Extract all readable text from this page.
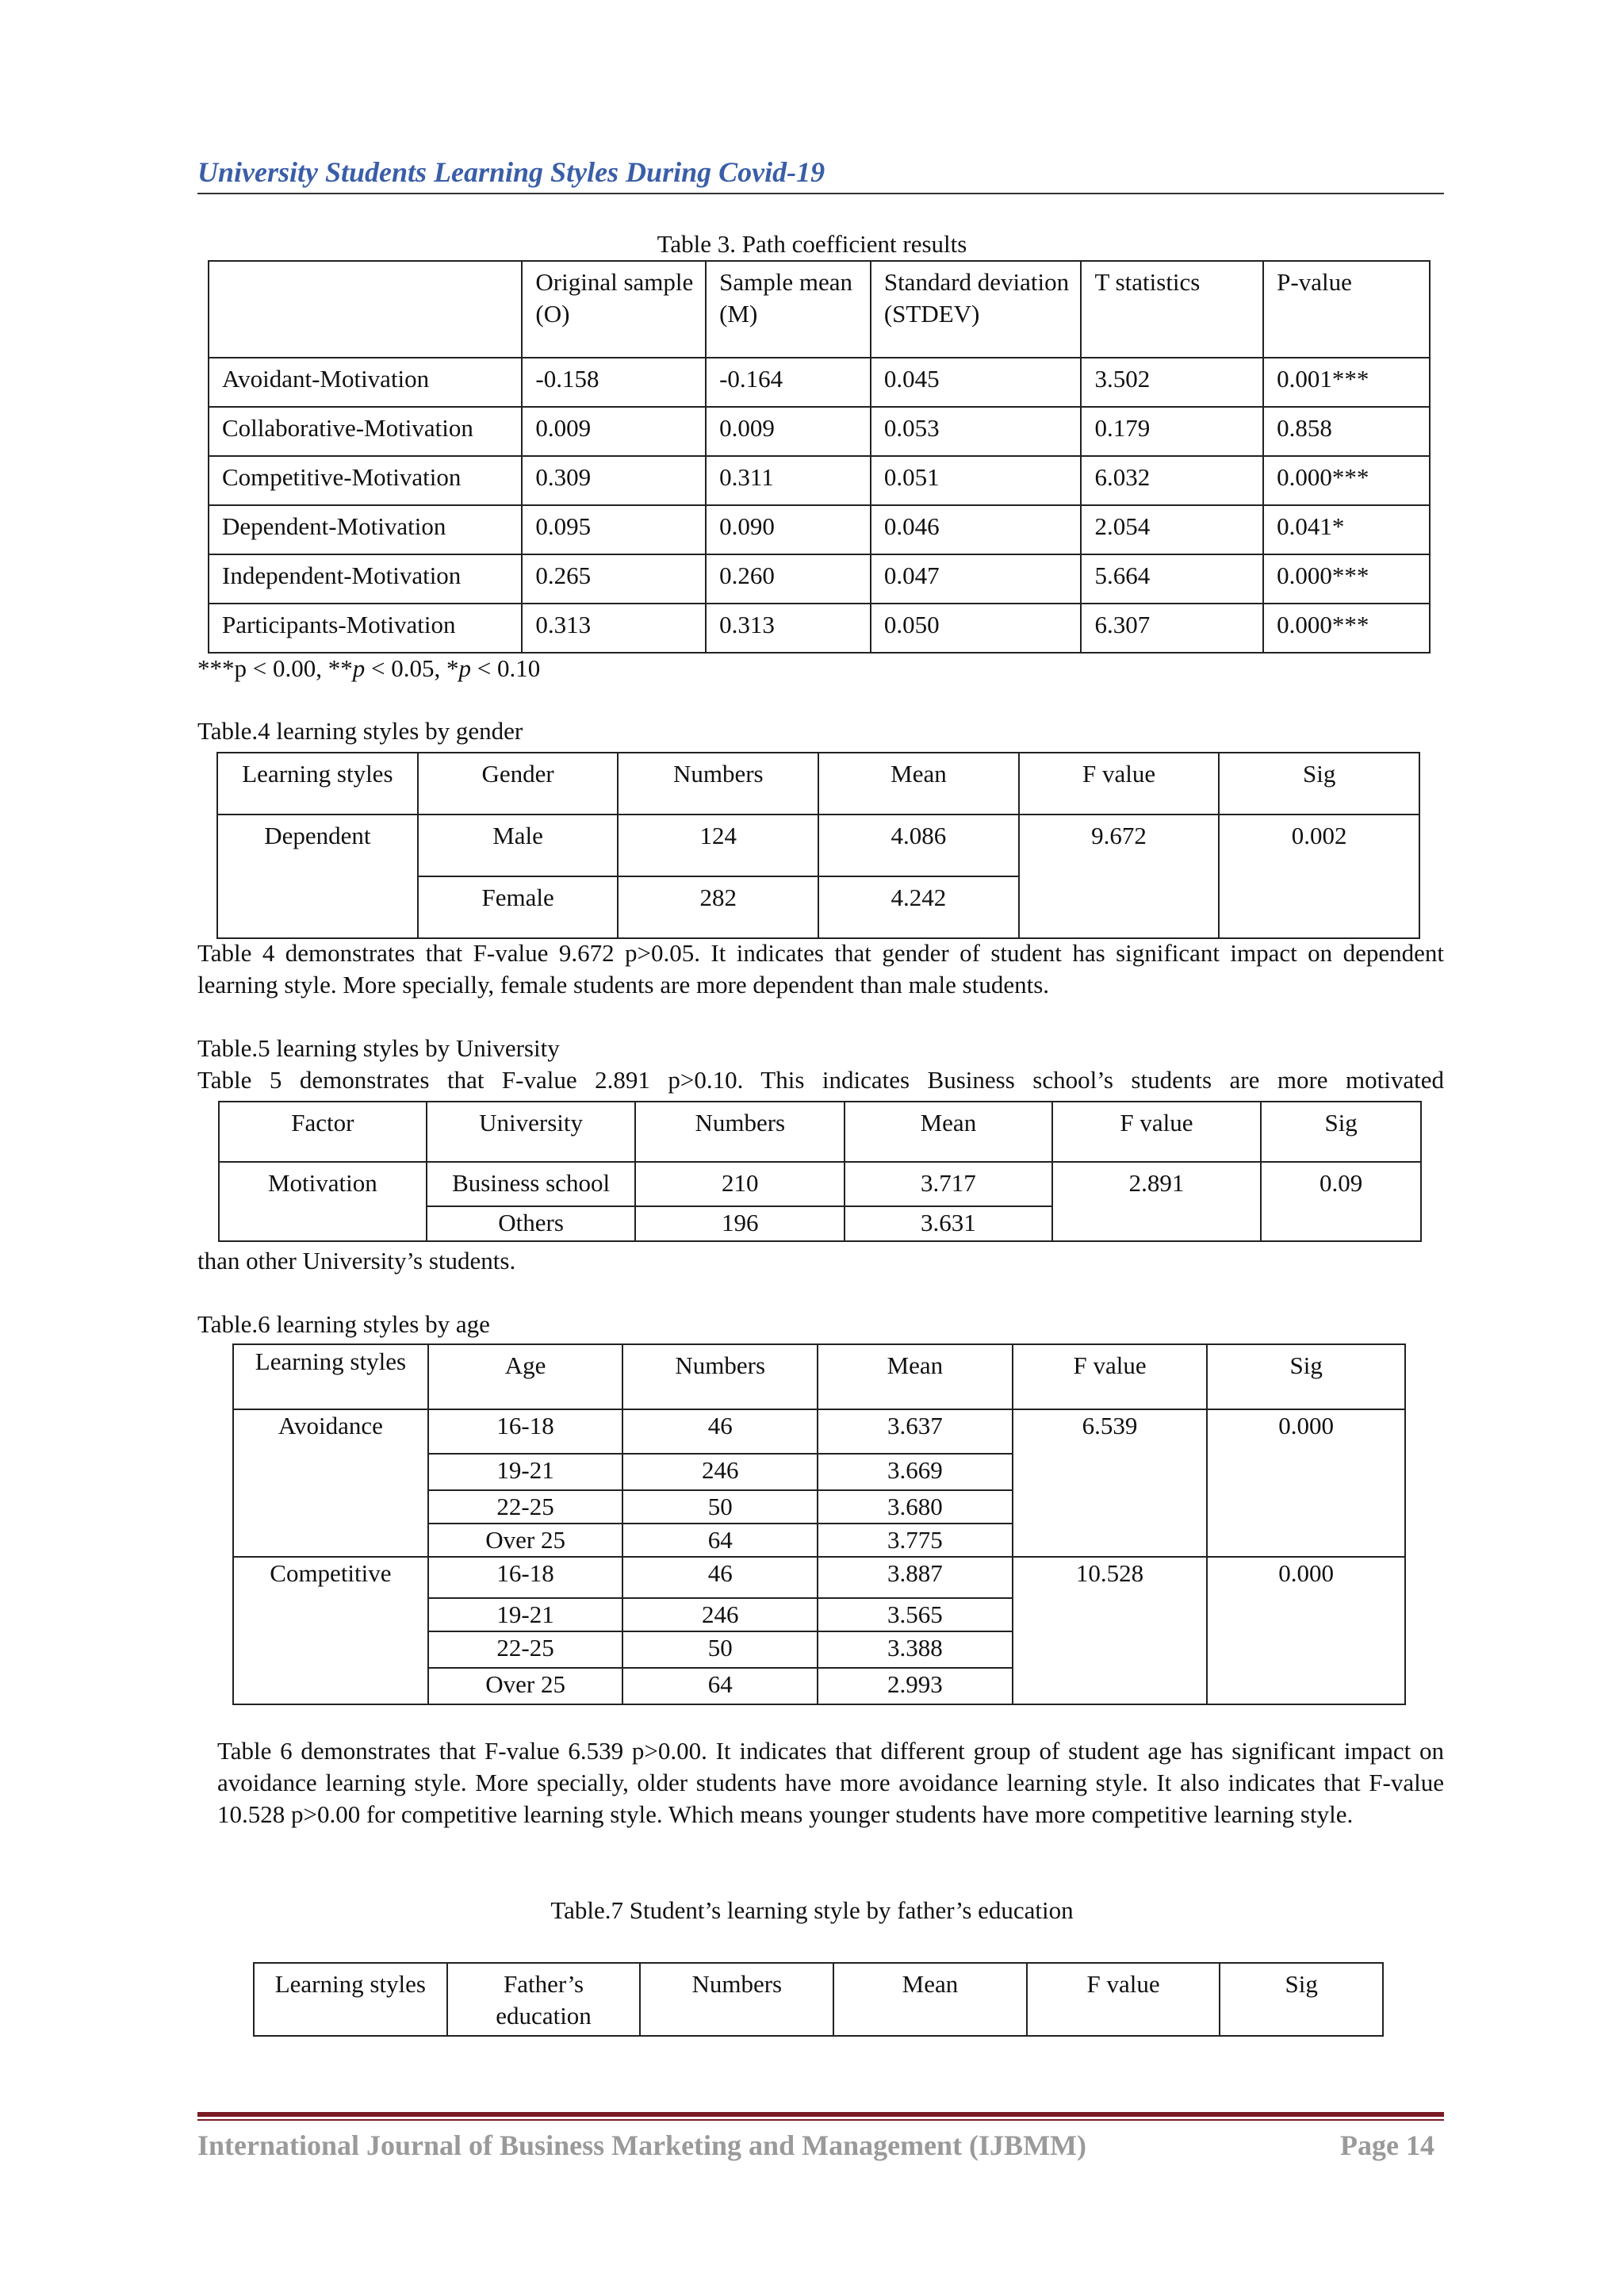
University Students Learning Styles During Covid-19
Table 3. Path coefficient results
	Original sample (O)	Sample mean (M)	Standard deviation (STDEV)	T statistics	P-value
Avoidant-Motivation	-0.158	-0.164	0.045	3.502	0.001***
Collaborative-Motivation	0.009	0.009	0.053	0.179	0.858
Competitive-Motivation	0.309	0.311	0.051	6.032	0.000***
Dependent-Motivation	0.095	0.090	0.046	2.054	0.041*
Independent-Motivation	0.265	0.260	0.047	5.664	0.000***
Participants-Motivation	0.313	0.313	0.050	6.307	0.000***
***p < 0.00, **p < 0.05, *p < 0.10
Table.4 learning styles by gender
Learning styles	Gender	Numbers	Mean	F value	Sig
Dependent	Male	124	4.086	9.672	0.002
	Female	282	4.242		
Table 4 demonstrates that F-value 9.672 p>0.05. It indicates that gender of student has significant impact on dependent learning style. More specially, female students are more dependent than male students.
Table.5 learning styles by University
Table 5 demonstrates that F-value 2.891 p>0.10. This indicates Business school’s students are more motivated
Factor	University	Numbers	Mean	F value	Sig
Motivation	Business school	210	3.717	2.891	0.09
	Others	196	3.631		
than other University’s students.
Table.6 learning styles by age
Learning styles	Age	Numbers	Mean	F value	Sig
Avoidance	16-18	46	3.637	6.539	0.000
	19-21	246	3.669		
	22-25	50	3.680		
	Over 25	64	3.775		
Competitive	16-18	46	3.887	10.528	0.000
	19-21	246	3.565		
	22-25	50	3.388		
	Over 25	64	2.993		
Table 6 demonstrates that F-value 6.539 p>0.00. It indicates that different group of student age has significant impact on avoidance learning style. More specially, older students have more avoidance learning style. It also indicates that F-value 10.528 p>0.00 for competitive learning style. Which means younger students have more competitive learning style.
Table.7 Student’s learning style by father’s education
Learning styles	Father’s education	Numbers	Mean	F value	Sig
International Journal of Business Marketing and Management (IJBMM)	Page 14
